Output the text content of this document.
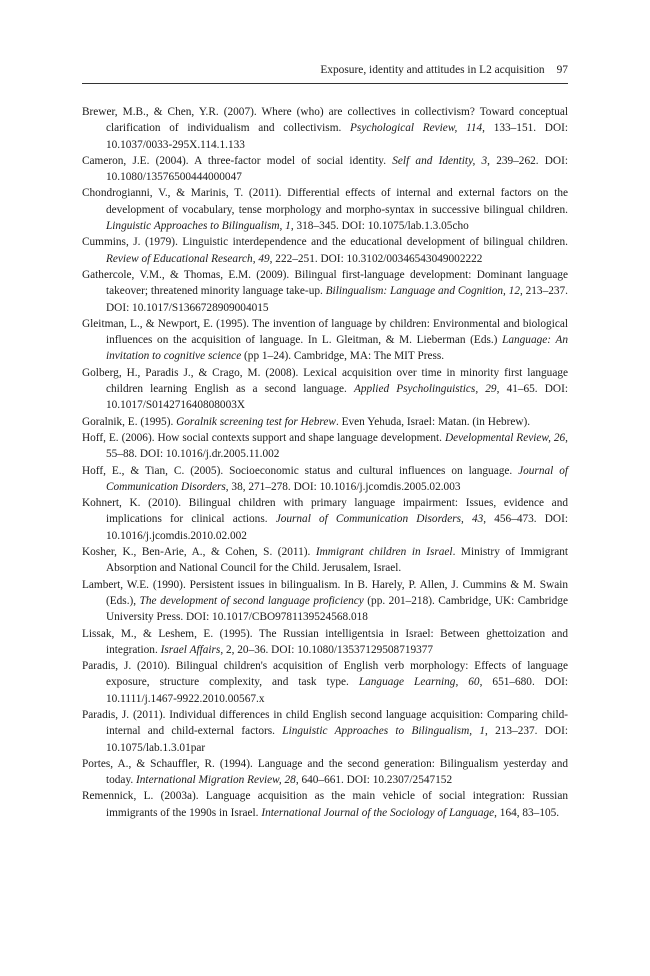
Exposure, identity and attitudes in L2 acquisition 97

Brewer, M.B., & Chen, Y.R. (2007). Where (who) are collectives in collectivism? Toward conceptual clarification of individualism and collectivism. Psychological Review, 114, 133–151. DOI: 10.1037/0033-295X.114.1.133

Cameron, J.E. (2004). A three-factor model of social identity. Self and Identity, 3, 239–262. DOI: 10.1080/13576500444000047

Chondrogianni, V., & Marinis, T. (2011). Differential effects of internal and external factors on the development of vocabulary, tense morphology and morpho-syntax in successive bilingual children. Linguistic Approaches to Bilingualism, 1, 318–345. DOI: 10.1075/lab.1.3.05cho

Cummins, J. (1979). Linguistic interdependence and the educational development of bilingual children. Review of Educational Research, 49, 222–251. DOI: 10.3102/00346543049002222

Gathercole, V.M., & Thomas, E.M. (2009). Bilingual first-language development: Dominant language takeover; threatened minority language take-up. Bilingualism: Language and Cognition, 12, 213–237. DOI: 10.1017/S1366728909004015

Gleitman, L., & Newport, E. (1995). The invention of language by children: Environmental and biological influences on the acquisition of language. In L. Gleitman, & M. Lieberman (Eds.) Language: An invitation to cognitive science (pp 1–24). Cambridge, MA: The MIT Press.

Golberg, H., Paradis J., & Crago, M. (2008). Lexical acquisition over time in minority first language children learning English as a second language. Applied Psycholinguistics, 29, 41–65. DOI: 10.1017/S014271640808003X

Goralnik, E. (1995). Goralnik screening test for Hebrew. Even Yehuda, Israel: Matan. (in Hebrew).

Hoff, E. (2006). How social contexts support and shape language development. Developmental Review, 26, 55–88. DOI: 10.1016/j.dr.2005.11.002

Hoff, E., & Tian, C. (2005). Socioeconomic status and cultural influences on language. Journal of Communication Disorders, 38, 271–278. DOI: 10.1016/j.jcomdis.2005.02.003

Kohnert, K. (2010). Bilingual children with primary language impairment: Issues, evidence and implications for clinical actions. Journal of Communication Disorders, 43, 456–473. DOI: 10.1016/j.jcomdis.2010.02.002

Kosher, K., Ben-Arie, A., & Cohen, S. (2011). Immigrant children in Israel. Ministry of Immigrant Absorption and National Council for the Child. Jerusalem, Israel.

Lambert, W.E. (1990). Persistent issues in bilingualism. In B. Harely, P. Allen, J. Cummins & M. Swain (Eds.), The development of second language proficiency (pp. 201–218). Cambridge, UK: Cambridge University Press. DOI: 10.1017/CBO9781139524568.018

Lissak, M., & Leshem, E. (1995). The Russian intelligentsia in Israel: Between ghettoization and integration. Israel Affairs, 2, 20–36. DOI: 10.1080/13537129508719377

Paradis, J. (2010). Bilingual children's acquisition of English verb morphology: Effects of language exposure, structure complexity, and task type. Language Learning, 60, 651–680. DOI: 10.1111/j.1467-9922.2010.00567.x

Paradis, J. (2011). Individual differences in child English second language acquisition: Comparing child-internal and child-external factors. Linguistic Approaches to Bilingualism, 1, 213–237. DOI: 10.1075/lab.1.3.01par

Portes, A., & Schauffler, R. (1994). Language and the second generation: Bilingualism yesterday and today. International Migration Review, 28, 640–661. DOI: 10.2307/2547152

Remennick, L. (2003a). Language acquisition as the main vehicle of social integration: Russian immigrants of the 1990s in Israel. International Journal of the Sociology of Language, 164, 83–105.
